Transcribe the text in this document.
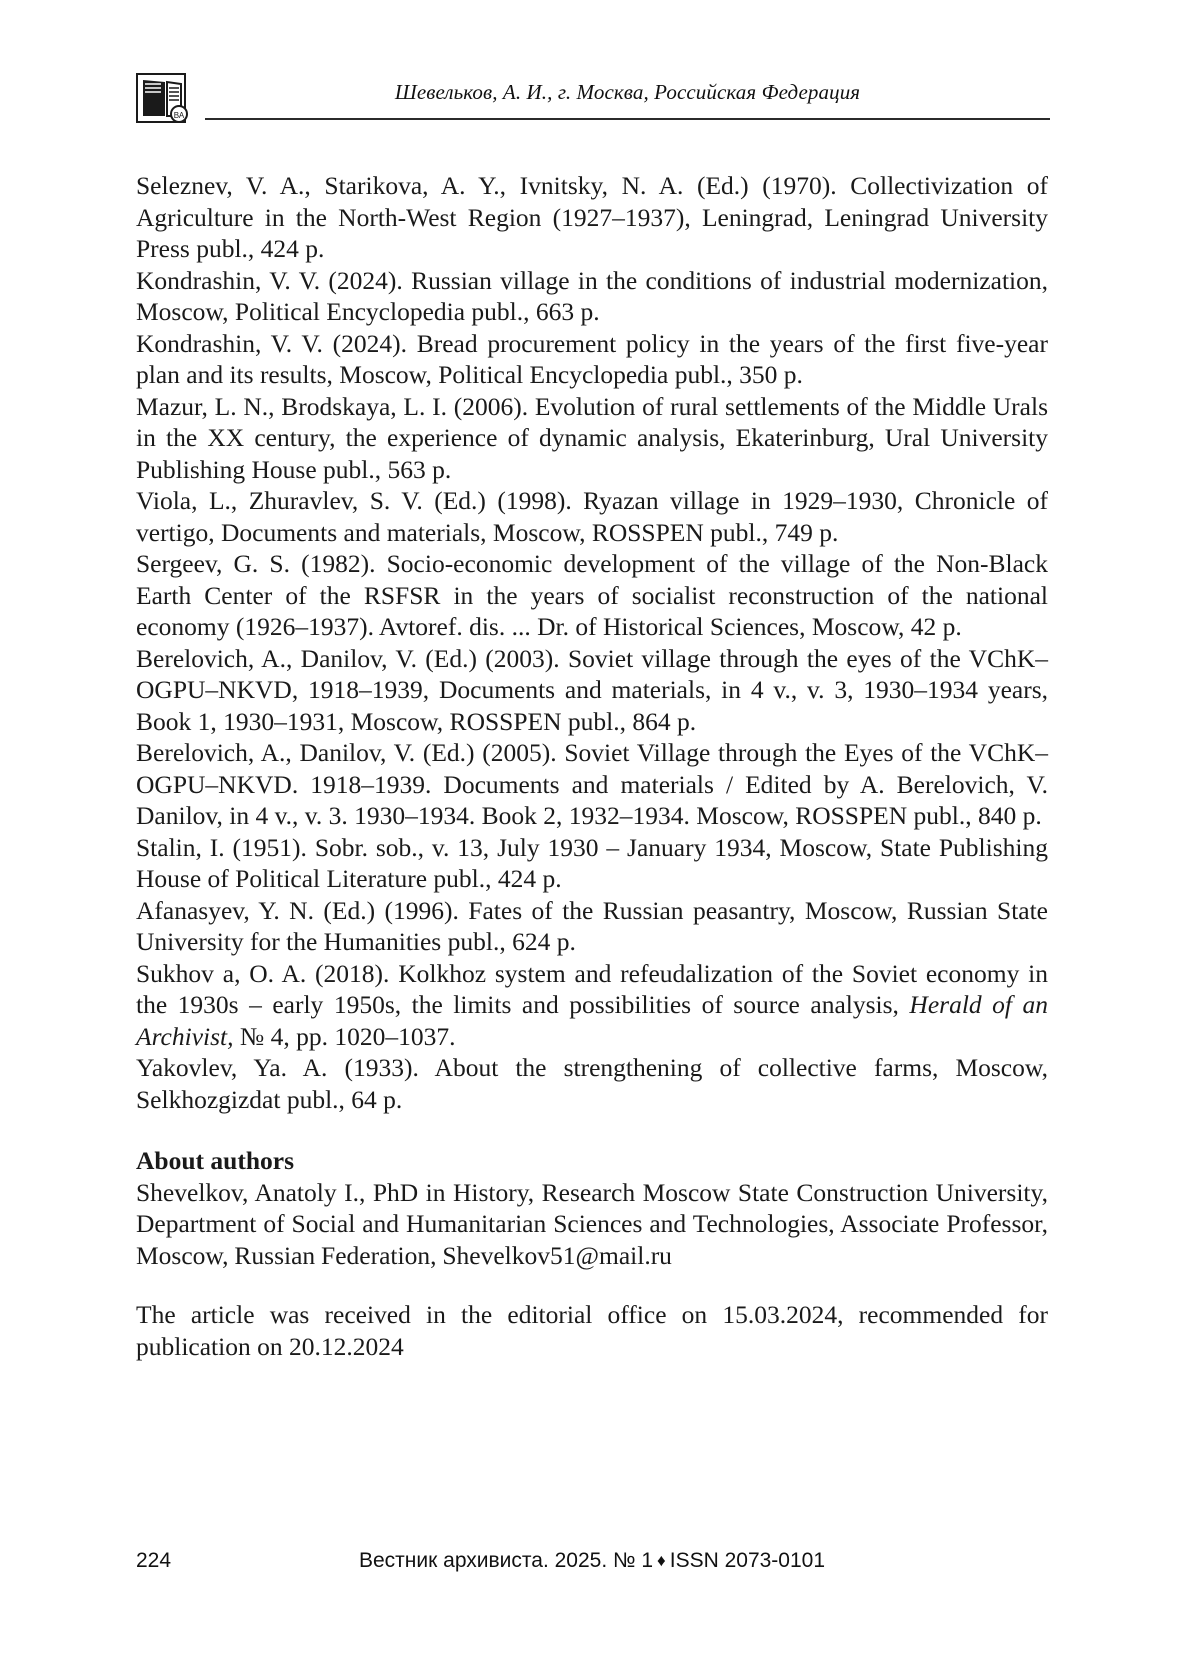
ВА
Шевельков, А. И., г. Москва, Российская Федерация

Seleznev, V. A., Starikova, A. Y., Ivnitsky, N. A. (Ed.) (1970). Collectivization of Agriculture in the North-West Region (1927–1937), Leningrad, Leningrad University Press publ., 424 p.

Kondrashin, V. V. (2024). Russian village in the conditions of industrial modernization, Moscow, Political Encyclopedia publ., 663 p.

Kondrashin, V. V. (2024). Bread procurement policy in the years of the first five-year plan and its results, Moscow, Political Encyclopedia publ., 350 p.

Mazur, L. N., Brodskaya, L. I. (2006). Evolution of rural settlements of the Middle Urals in the XX century, the experience of dynamic analysis, Ekaterinburg, Ural University Publishing House publ., 563 p.

Viola, L., Zhuravlev, S. V. (Ed.) (1998). Ryazan village in 1929–1930, Chronicle of vertigo, Documents and materials, Moscow, ROSSPEN publ., 749 p.

Sergeev, G. S. (1982). Socio-economic development of the village of the Non-Black Earth Center of the RSFSR in the years of socialist reconstruction of the national economy (1926–1937). Avtoref. dis. ... Dr. of Historical Sciences, Moscow, 42 p.

Berelovich, A., Danilov, V. (Ed.) (2003). Soviet village through the eyes of the VChK–OGPU–NKVD, 1918–1939, Documents and materials, in 4 v., v. 3, 1930–1934 years, Book 1, 1930–1931, Moscow, ROSSPEN publ., 864 p.

Berelovich, A., Danilov, V. (Ed.) (2005). Soviet Village through the Eyes of the VChK–OGPU–NKVD. 1918–1939. Documents and materials / Edited by A. Berelovich, V. Danilov, in 4 v., v. 3. 1930–1934. Book 2, 1932–1934. Moscow, ROSSPEN publ., 840 p.

Stalin, I. (1951). Sobr. sob., v. 13, July 1930 – January 1934, Moscow, State Publishing House of Political Literature publ., 424 p.

Afanasyev, Y. N. (Ed.) (1996). Fates of the Russian peasantry, Moscow, Russian State University for the Humanities publ., 624 p.

Sukhov a, O. A. (2018). Kolkhoz system and refeudalization of the Soviet economy in the 1930s – early 1950s, the limits and possibilities of source analysis, Herald of an Archivist, № 4, pp. 1020–1037.

Yakovlev, Ya. A. (1933). About the strengthening of collective farms, Moscow, Selkhozgizdat publ., 64 p.

About authors

Shevelkov, Anatoly I., PhD in History, Research Moscow State Construction University, Department of Social and Humanitarian Sciences and Technologies, Associate Professor, Moscow, Russian Federation, Shevelkov51@mail.ru

The article was received in the editorial office on 15.03.2024, recommended for publication on 20.12.2024

Вестник архивиста. 2025. № 1 ♦ ISSN 2073-0101
224
